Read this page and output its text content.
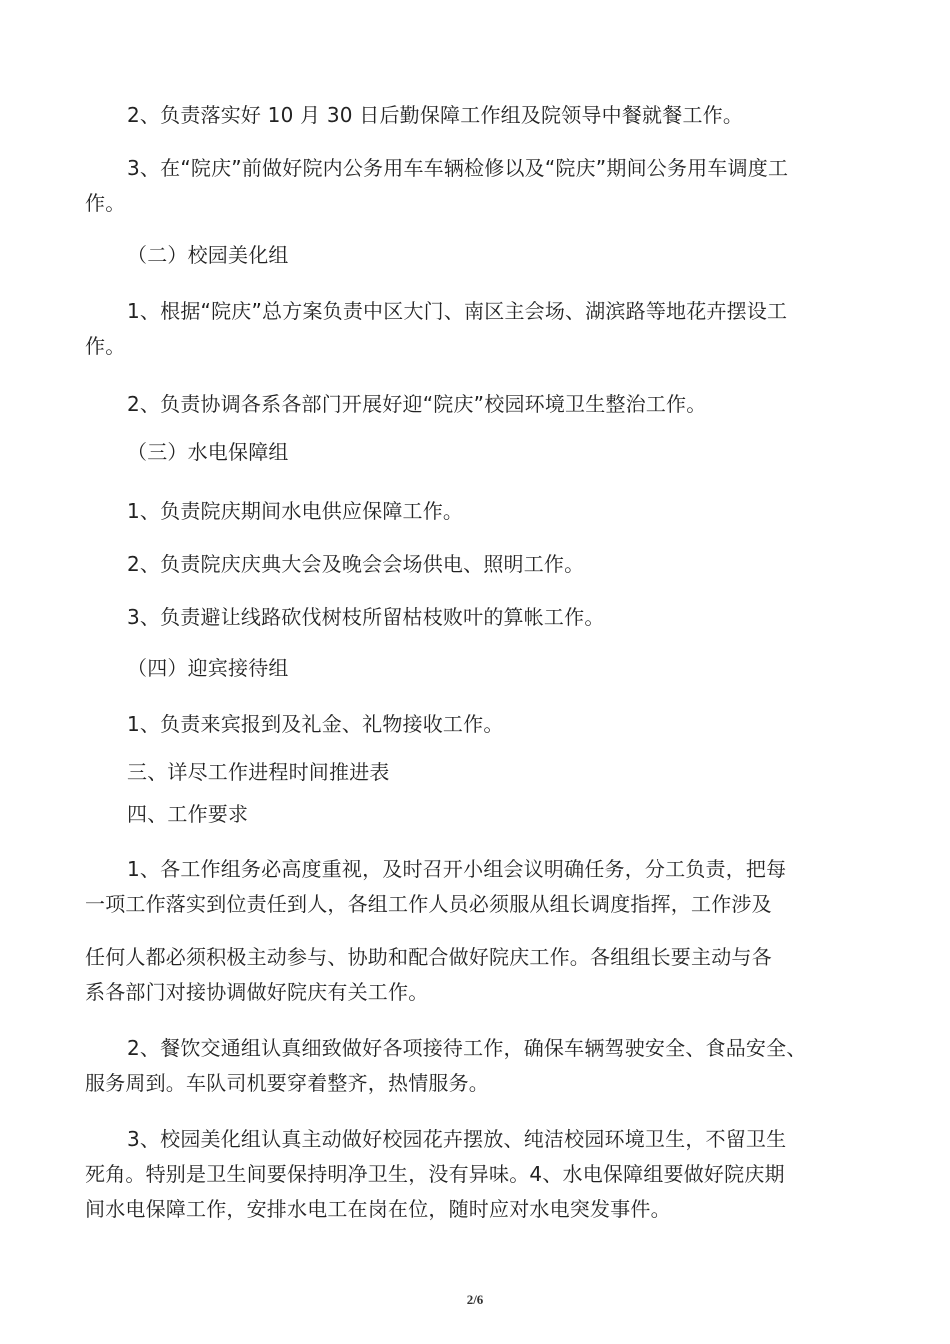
2、负责落实好 10 月 30 日后勤保障工作组及院领导中餐就餐工作。
3、在“院庆”前做好院内公务用车车辆检修以及“院庆”期间公务用车调度工
作。
（二）校园美化组
1、根据“院庆”总方案负责中区大门、南区主会场、湖滨路等地花卉摆设工
作。
2、负责协调各系各部门开展好迎“院庆”校园环境卫生整治工作。
（三）水电保障组
1、负责院庆期间水电供应保障工作。
2、负责院庆庆典大会及晚会会场供电、照明工作。
3、负责避让线路砍伐树枝所留枯枝败叶的算帐工作。
（四）迎宾接待组
1、负责来宾报到及礼金、礼物接收工作。
三、详尽工作进程时间推进表
四、工作要求
1、各工作组务必高度重视，及时召开小组会议明确任务，分工负责，把每
一项工作落实到位责任到人，各组工作人员必须服从组长调度指挥，工作涉及
任何人都必须积极主动参与、协助和配合做好院庆工作。各组组长要主动与各
系各部门对接协调做好院庆有关工作。
2、餐饮交通组认真细致做好各项接待工作，确保车辆驾驶安全、食品安全、
服务周到。车队司机要穿着整齐，热情服务。
3、校园美化组认真主动做好校园花卉摆放、纯洁校园环境卫生，不留卫生
死角。特别是卫生间要保持明净卫生，没有异味。4、水电保障组要做好院庆期
间水电保障工作，安排水电工在岗在位，随时应对水电突发事件。
2/6
